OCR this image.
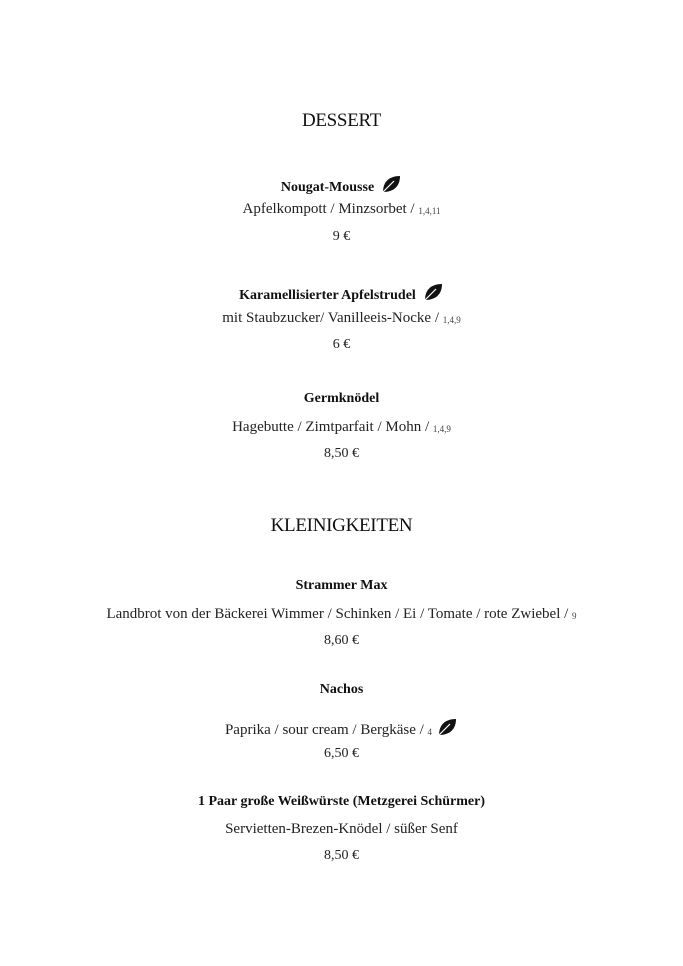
DESSERT
Nougat-Mousse
Apfelkompott / Minzsorbet / 1,4,11
9 €
Karamellisierter Apfelstrudel
mit Staubzucker/ Vanilleeis-Nocke / 1,4,9
6 €
Germknödel
Hagebutte / Zimtparfait / Mohn / 1,4,9
8,50 €
KLEINIGKEITEN
Strammer Max
Landbrot von der Bäckerei Wimmer / Schinken / Ei / Tomate / rote Zwiebel / 9
8,60 €
Nachos
Paprika / sour cream / Bergkäse / 4
6,50 €
1 Paar große Weißwürste (Metzgerei Schürmer)
Servietten-Brezen-Knödel / süßer Senf
8,50 €
